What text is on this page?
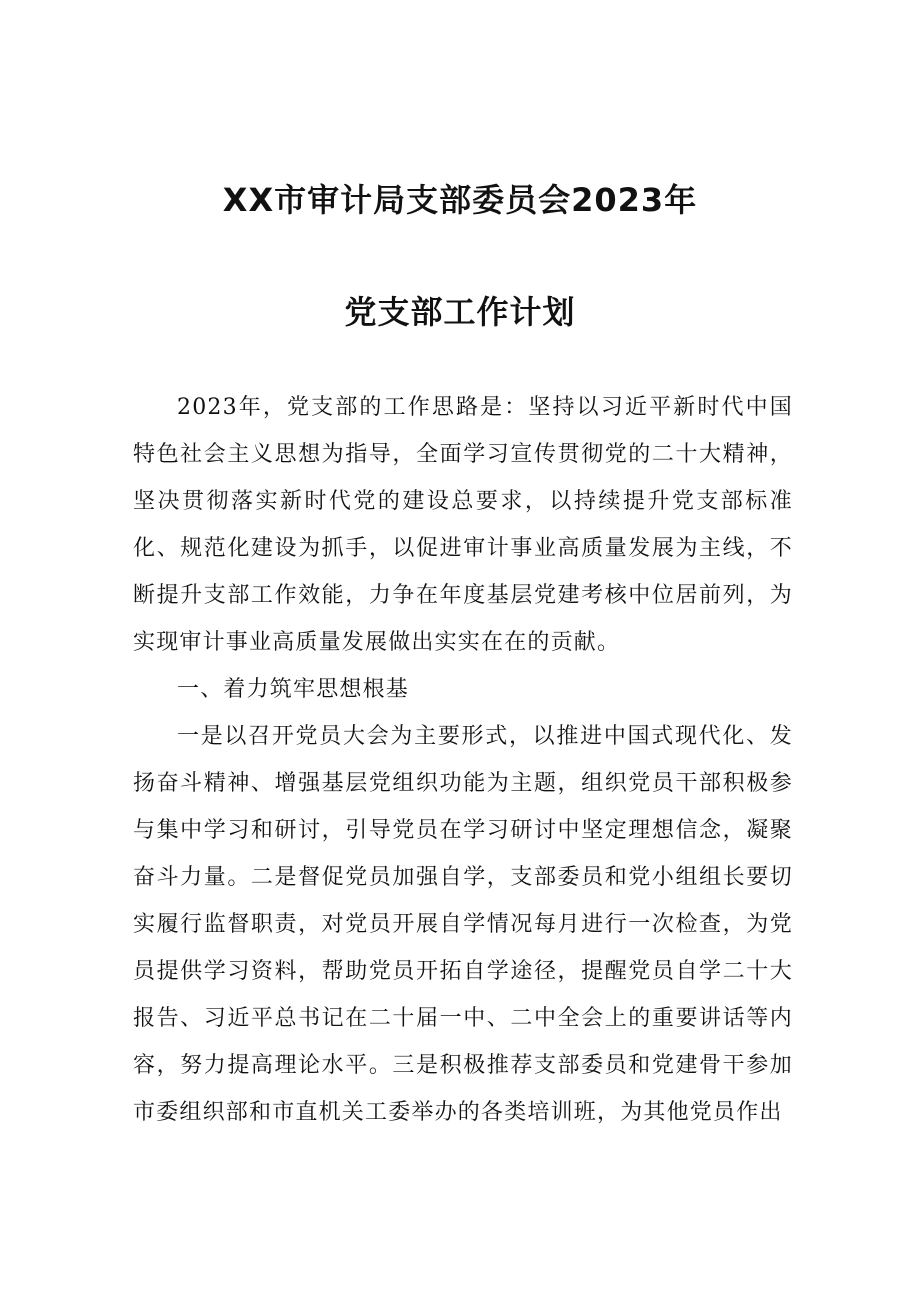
XX市审计局支部委员会2023年
党支部工作计划

2023年，党支部的工作思路是：坚持以习近平新时代中国特色社会主义思想为指导，全面学习宣传贯彻党的二十大精神，坚决贯彻落实新时代党的建设总要求，以持续提升党支部标准化、规范化建设为抓手，以促进审计事业高质量发展为主线，不断提升支部工作效能，力争在年度基层党建考核中位居前列，为实现审计事业高质量发展做出实实在在的贡献。

一、着力筑牢思想根基

一是以召开党员大会为主要形式，以推进中国式现代化、发扬奋斗精神、增强基层党组织功能为主题，组织党员干部积极参与集中学习和研讨，引导党员在学习研讨中坚定理想信念，凝聚奋斗力量。二是督促党员加强自学，支部委员和党小组组长要切实履行监督职责，对党员开展自学情况每月进行一次检查，为党员提供学习资料，帮助党员开拓自学途径，提醒党员自学二十大报告、习近平总书记在二十届一中、二中全会上的重要讲话等内容，努力提高理论水平。三是积极推荐支部委员和党建骨干参加市委组织部和市直机关工委举办的各类培训班，为其他党员作出
